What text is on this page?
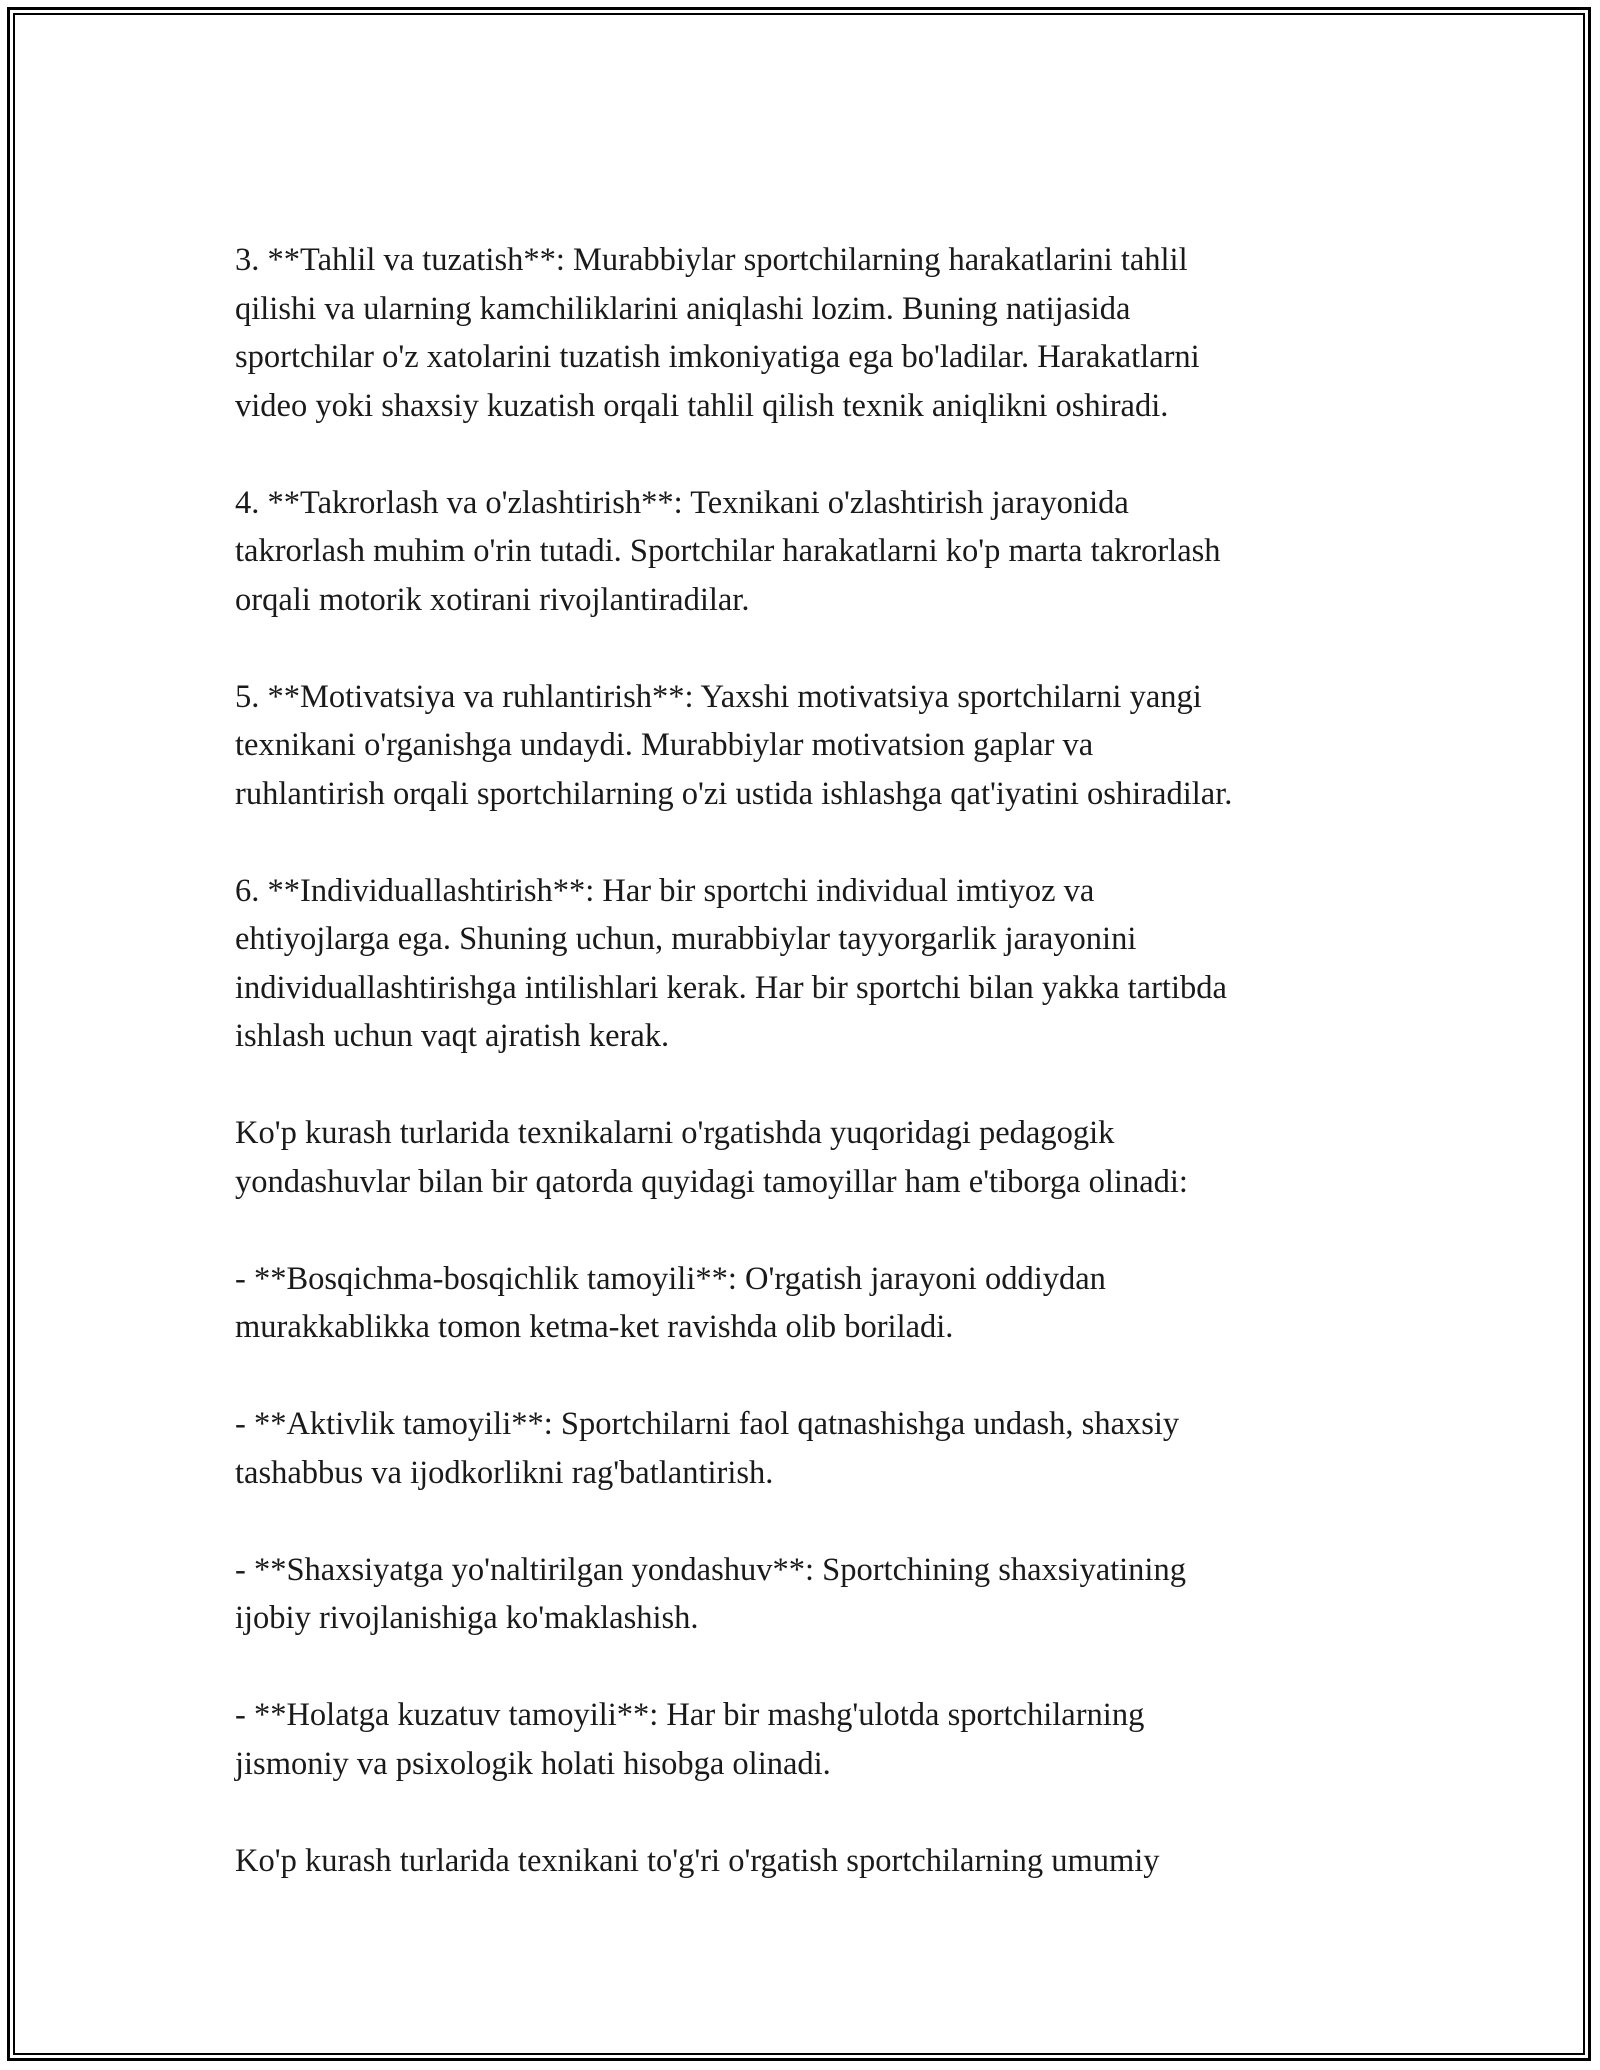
3. **Tahlil va tuzatish**: Murabbiylar sportchilarning harakatlarini tahlil
qilishi va ularning kamchiliklarini aniqlashi lozim. Buning natijasida
sportchilar o'z xatolarini tuzatish imkoniyatiga ega bo'ladilar. Harakatlarni
video yoki shaxsiy kuzatish orqali tahlil qilish texnik aniqlikni oshiradi.

4. **Takrorlash va o'zlashtirish**: Texnikani o'zlashtirish jarayonida
takrorlash muhim o'rin tutadi. Sportchilar harakatlarni ko'p marta takrorlash
orqali motorik xotirani rivojlantiradilar.

5. **Motivatsiya va ruhlantirish**: Yaxshi motivatsiya sportchilarni yangi
texnikani o'rganishga undaydi. Murabbiylar motivatsion gaplar va
ruhlantirish orqali sportchilarning o'zi ustida ishlashga qat'iyatini oshiradilar.

6. **Individuallashtirish**: Har bir sportchi individual imtiyoz va
ehtiyojlarga ega. Shuning uchun, murabbiylar tayyorgarlik jarayonini
individuallashtirishga intilishlari kerak. Har bir sportchi bilan yakka tartibda
ishlash uchun vaqt ajratish kerak.

Ko'p kurash turlarida texnikalarni o'rgatishda yuqoridagi pedagogik
yondashuvlar bilan bir qatorda quyidagi tamoyillar ham e'tiborga olinadi:

- **Bosqichma-bosqichlik tamoyili**: O'rgatish jarayoni oddiydan
murakkablikka tomon ketma-ket ravishda olib boriladi.

- **Aktivlik tamoyili**: Sportchilarni faol qatnashishga undash, shaxsiy
tashabbus va ijodkorlikni rag'batlantirish.

- **Shaxsiyatga yo'naltirilgan yondashuv**: Sportchining shaxsiyatining
ijobiy rivojlanishiga ko'maklashish.

- **Holatga kuzatuv tamoyili**: Har bir mashg'ulotda sportchilarning
jismoniy va psixologik holati hisobga olinadi.

Ko'p kurash turlarida texnikani to'g'ri o'rgatish sportchilarning umumiy
